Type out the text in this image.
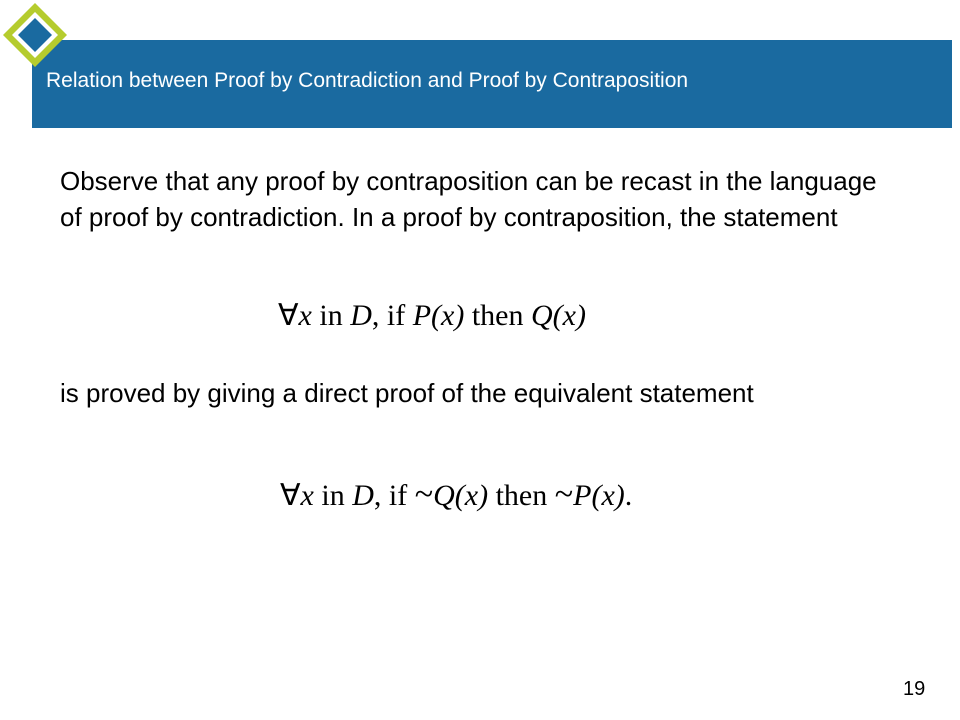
Relation between Proof by Contradiction and Proof by Contraposition

Observe that any proof by contraposition can be recast in the language of proof by contradiction. In a proof by contraposition, the statement

∀x in D, if P(x) then Q(x)

is proved by giving a direct proof of the equivalent statement

∀x in D, if ~Q(x) then ~P(x).
19
